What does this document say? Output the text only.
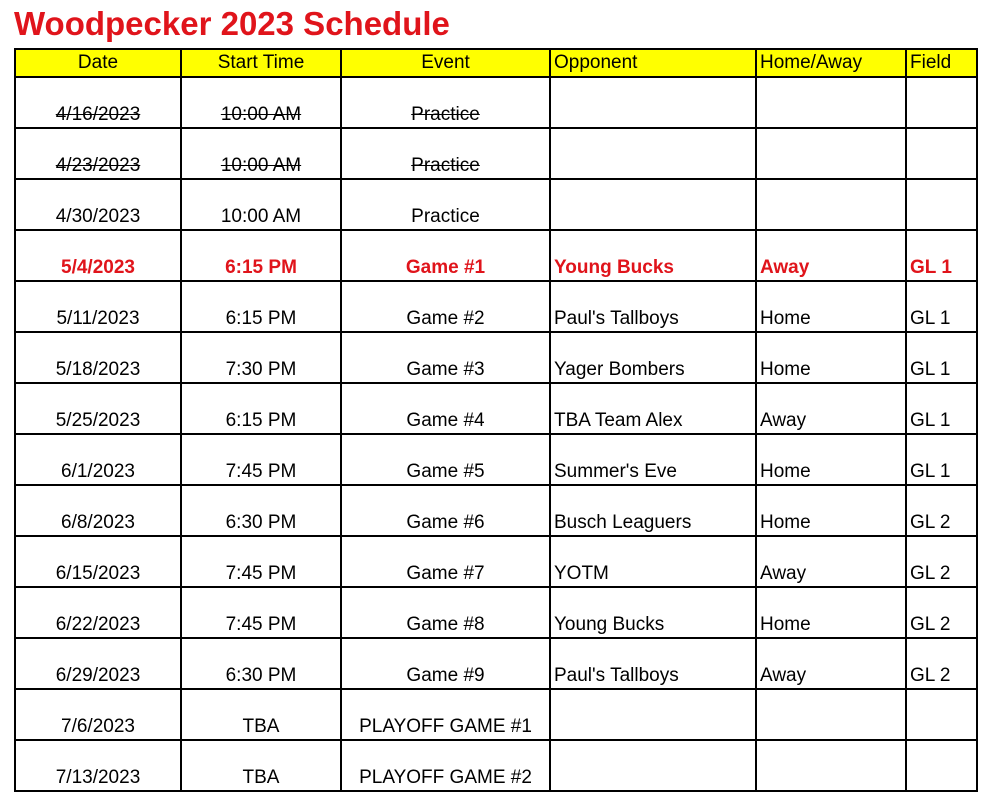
Woodpecker 2023 Schedule
Date	Start Time	Event	Opponent	Home/Away	Field
4/16/2023	10:00 AM	Practice			
4/23/2023	10:00 AM	Practice			
4/30/2023	10:00 AM	Practice			
5/4/2023	6:15 PM	Game #1	Young Bucks	Away	GL 1
5/11/2023	6:15 PM	Game #2	Paul's Tallboys	Home	GL 1
5/18/2023	7:30 PM	Game #3	Yager Bombers	Home	GL 1
5/25/2023	6:15 PM	Game #4	TBA Team Alex	Away	GL 1
6/1/2023	7:45 PM	Game #5	Summer's Eve	Home	GL 1
6/8/2023	6:30 PM	Game #6	Busch Leaguers	Home	GL 2
6/15/2023	7:45 PM	Game #7	YOTM	Away	GL 2
6/22/2023	7:45 PM	Game #8	Young Bucks	Home	GL 2
6/29/2023	6:30 PM	Game #9	Paul's Tallboys	Away	GL 2
7/6/2023	TBA	PLAYOFF GAME #1			
7/13/2023	TBA	PLAYOFF GAME #2			
